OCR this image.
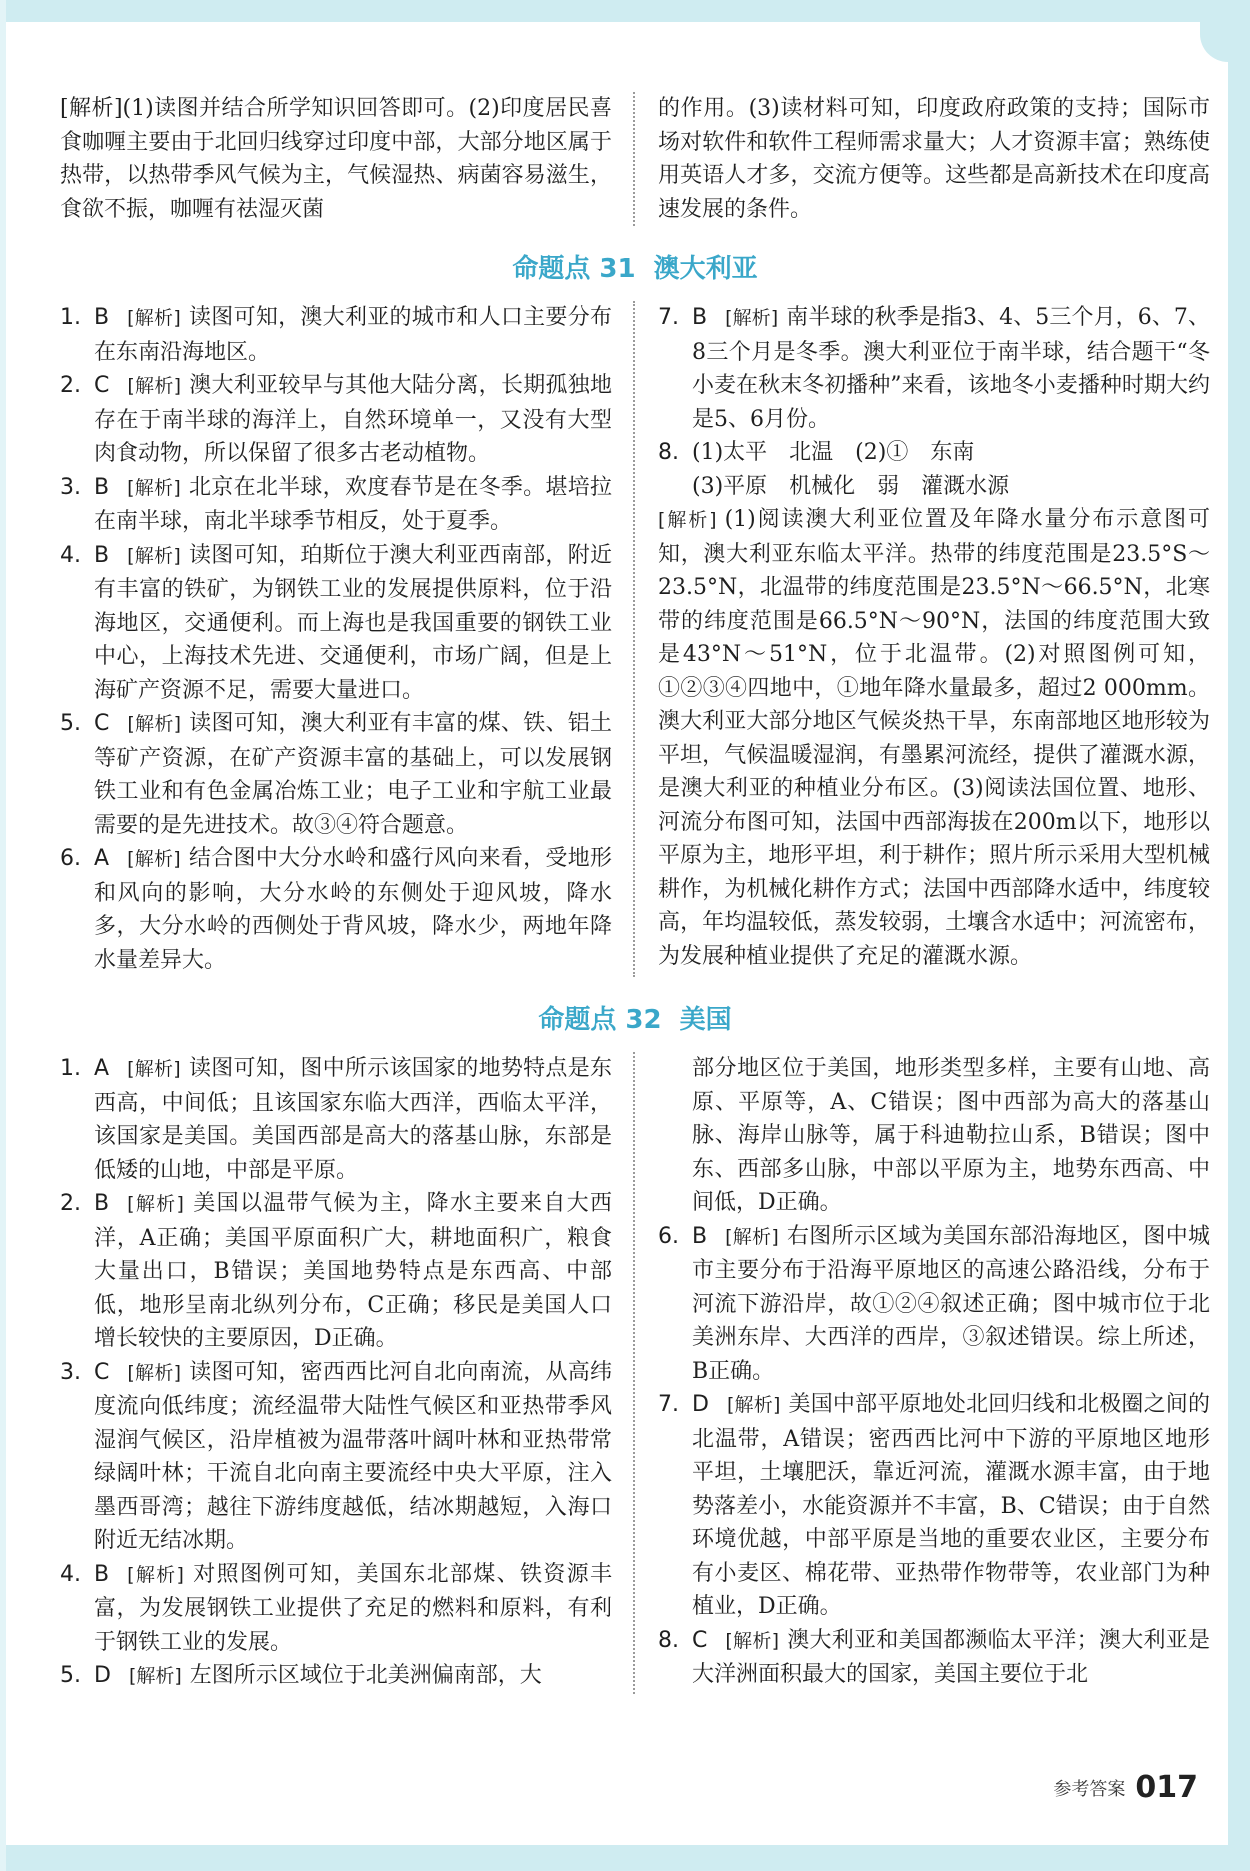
[解析](1)读图并结合所学知识回答即可。(2)印度居民喜食咖喱主要由于北回归线穿过印度中部，大部分地区属于热带，以热带季风气候为主，气候湿热、病菌容易滋生，食欲不振，咖喱有祛湿灭菌

的作用。(3)读材料可知，印度政府政策的支持；国际市场对软件和软件工程师需求量大；人才资源丰富；熟练使用英语人才多，交流方便等。这些都是高新技术在印度高速发展的条件。

命题点 31 澳大利亚
1. B [解析] 读图可知，澳大利亚的城市和人口主要分布在东南沿海地区。
2. C [解析] 澳大利亚较早与其他大陆分离，长期孤独地存在于南半球的海洋上，自然环境单一，又没有大型肉食动物，所以保留了很多古老动植物。
3. B [解析] 北京在北半球，欢度春节是在冬季。堪培拉在南半球，南北半球季节相反，处于夏季。
4. B [解析] 读图可知，珀斯位于澳大利亚西南部，附近有丰富的铁矿，为钢铁工业的发展提供原料，位于沿海地区，交通便利。而上海也是我国重要的钢铁工业中心，上海技术先进、交通便利，市场广阔，但是上海矿产资源不足，需要大量进口。
5. C [解析] 读图可知，澳大利亚有丰富的煤、铁、铝土等矿产资源，在矿产资源丰富的基础上，可以发展钢铁工业和有色金属冶炼工业；电子工业和宇航工业最需要的是先进技术。故③④符合题意。
6. A [解析] 结合图中大分水岭和盛行风向来看，受地形和风向的影响，大分水岭的东侧处于迎风坡，降水多，大分水岭的西侧处于背风坡，降水少，两地年降水量差异大。
7. B [解析] 南半球的秋季是指3、4、5三个月，6、7、8三个月是冬季。澳大利亚位于南半球，结合题干“冬小麦在秋末冬初播种”来看，该地冬小麦播种时期大约是5、6月份。
8. (1)太平　北温　(2)①　东南
(3)平原　机械化　弱　灌溉水源
[解析] (1)阅读澳大利亚位置及年降水量分布示意图可知，澳大利亚东临太平洋。热带的纬度范围是23.5°S～23.5°N，北温带的纬度范围是23.5°N～66.5°N，北寒带的纬度范围是66.5°N～90°N，法国的纬度范围大致是43°N～51°N，位于北温带。(2)对照图例可知，①②③④四地中，①地年降水量最多，超过2 000mm。澳大利亚大部分地区气候炎热干旱，东南部地区地形较为平坦，气候温暖湿润，有墨累河流经，提供了灌溉水源，是澳大利亚的种植业分布区。(3)阅读法国位置、地形、河流分布图可知，法国中西部海拔在200m以下，地形以平原为主，地形平坦，利于耕作；照片所示采用大型机械耕作，为机械化耕作方式；法国中西部降水适中，纬度较高，年均温较低，蒸发较弱，土壤含水适中；河流密布，为发展种植业提供了充足的灌溉水源。
命题点 32 美国
1. A [解析] 读图可知，图中所示该国家的地势特点是东西高，中间低；且该国家东临大西洋，西临太平洋，该国家是美国。美国西部是高大的落基山脉，东部是低矮的山地，中部是平原。
2. B [解析] 美国以温带气候为主，降水主要来自大西洋，A正确；美国平原面积广大，耕地面积广，粮食大量出口，B错误；美国地势特点是东西高、中部低，地形呈南北纵列分布，C正确；移民是美国人口增长较快的主要原因，D正确。
3. C [解析] 读图可知，密西西比河自北向南流，从高纬度流向低纬度；流经温带大陆性气候区和亚热带季风湿润气候区，沿岸植被为温带落叶阔叶林和亚热带常绿阔叶林；干流自北向南主要流经中央大平原，注入墨西哥湾；越往下游纬度越低，结冰期越短，入海口附近无结冰期。
4. B [解析] 对照图例可知，美国东北部煤、铁资源丰富，为发展钢铁工业提供了充足的燃料和原料，有利于钢铁工业的发展。
5. D [解析] 左图所示区域位于北美洲偏南部，大
部分地区位于美国，地形类型多样，主要有山地、高原、平原等，A、C错误；图中西部为高大的落基山脉、海岸山脉等，属于科迪勒拉山系，B错误；图中东、西部多山脉，中部以平原为主，地势东西高、中间低，D正确。
6. B [解析] 右图所示区域为美国东部沿海地区，图中城市主要分布于沿海平原地区的高速公路沿线，分布于河流下游沿岸，故①②④叙述正确；图中城市位于北美洲东岸、大西洋的西岸，③叙述错误。综上所述，B正确。
7. D [解析] 美国中部平原地处北回归线和北极圈之间的北温带，A错误；密西西比河中下游的平原地区地形平坦，土壤肥沃，靠近河流，灌溉水源丰富，由于地势落差小，水能资源并不丰富，B、C错误；由于自然环境优越，中部平原是当地的重要农业区，主要分布有小麦区、棉花带、亚热带作物带等，农业部门为种植业，D正确。
8. C [解析] 澳大利亚和美国都濒临太平洋；澳大利亚是大洋洲面积最大的国家，美国主要位于北
参考答案 017
